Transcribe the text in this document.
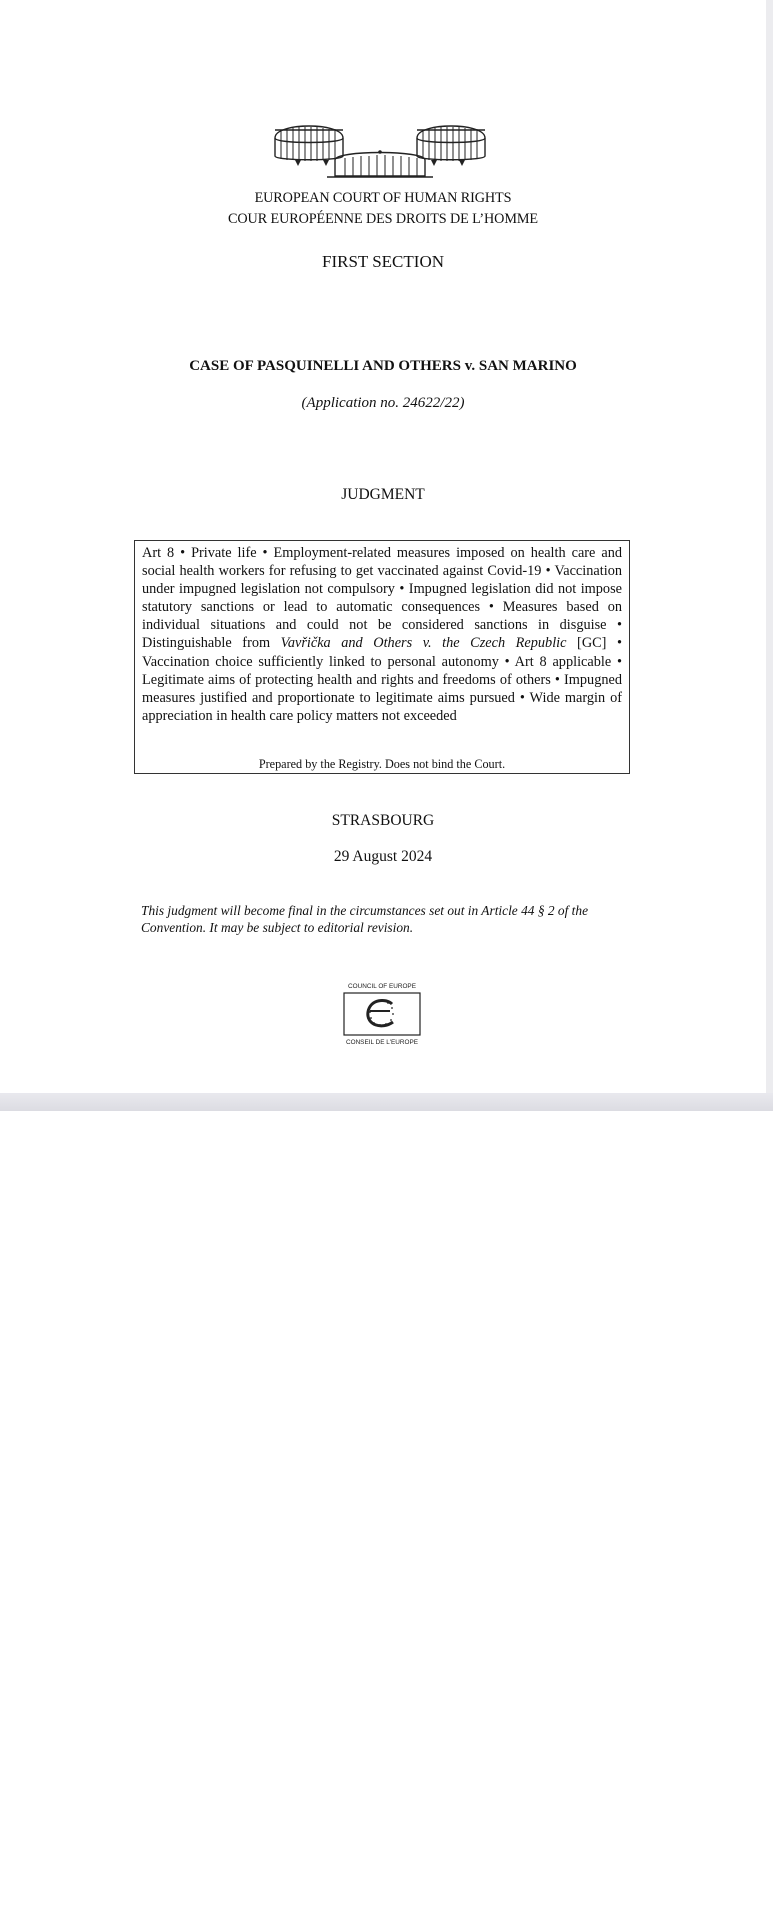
EUROPEAN COURT OF HUMAN RIGHTS
COUR EUROPÉENNE DES DROITS DE L’HOMME
FIRST SECTION
CASE OF PASQUINELLI AND OTHERS v. SAN MARINO
(Application no. 24622/22)
JUDGMENT

Art 8 • Private life • Employment-related measures imposed on health care and social health workers for refusing to get vaccinated against Covid-19 • Vaccination under impugned legislation not compulsory • Impugned legislation did not impose statutory sanctions or lead to automatic consequences • Measures based on individual situations and could not be considered sanctions in disguise • Distinguishable from Vavřička and Others v. the Czech Republic [GC] • Vaccination choice sufficiently linked to personal autonomy • Art 8 applicable • Legitimate aims of protecting health and rights and freedoms of others • Impugned measures justified and proportionate to legitimate aims pursued • Wide margin of appreciation in health care policy matters not exceeded

Prepared by the Registry. Does not bind the Court.
STRASBOURG
29 August 2024
This judgment will become final in the circumstances set out in Article 44 § 2 of the Convention. It may be subject to editorial revision.
COUNCIL OF EUROPE
CONSEIL DE L'EUROPE
